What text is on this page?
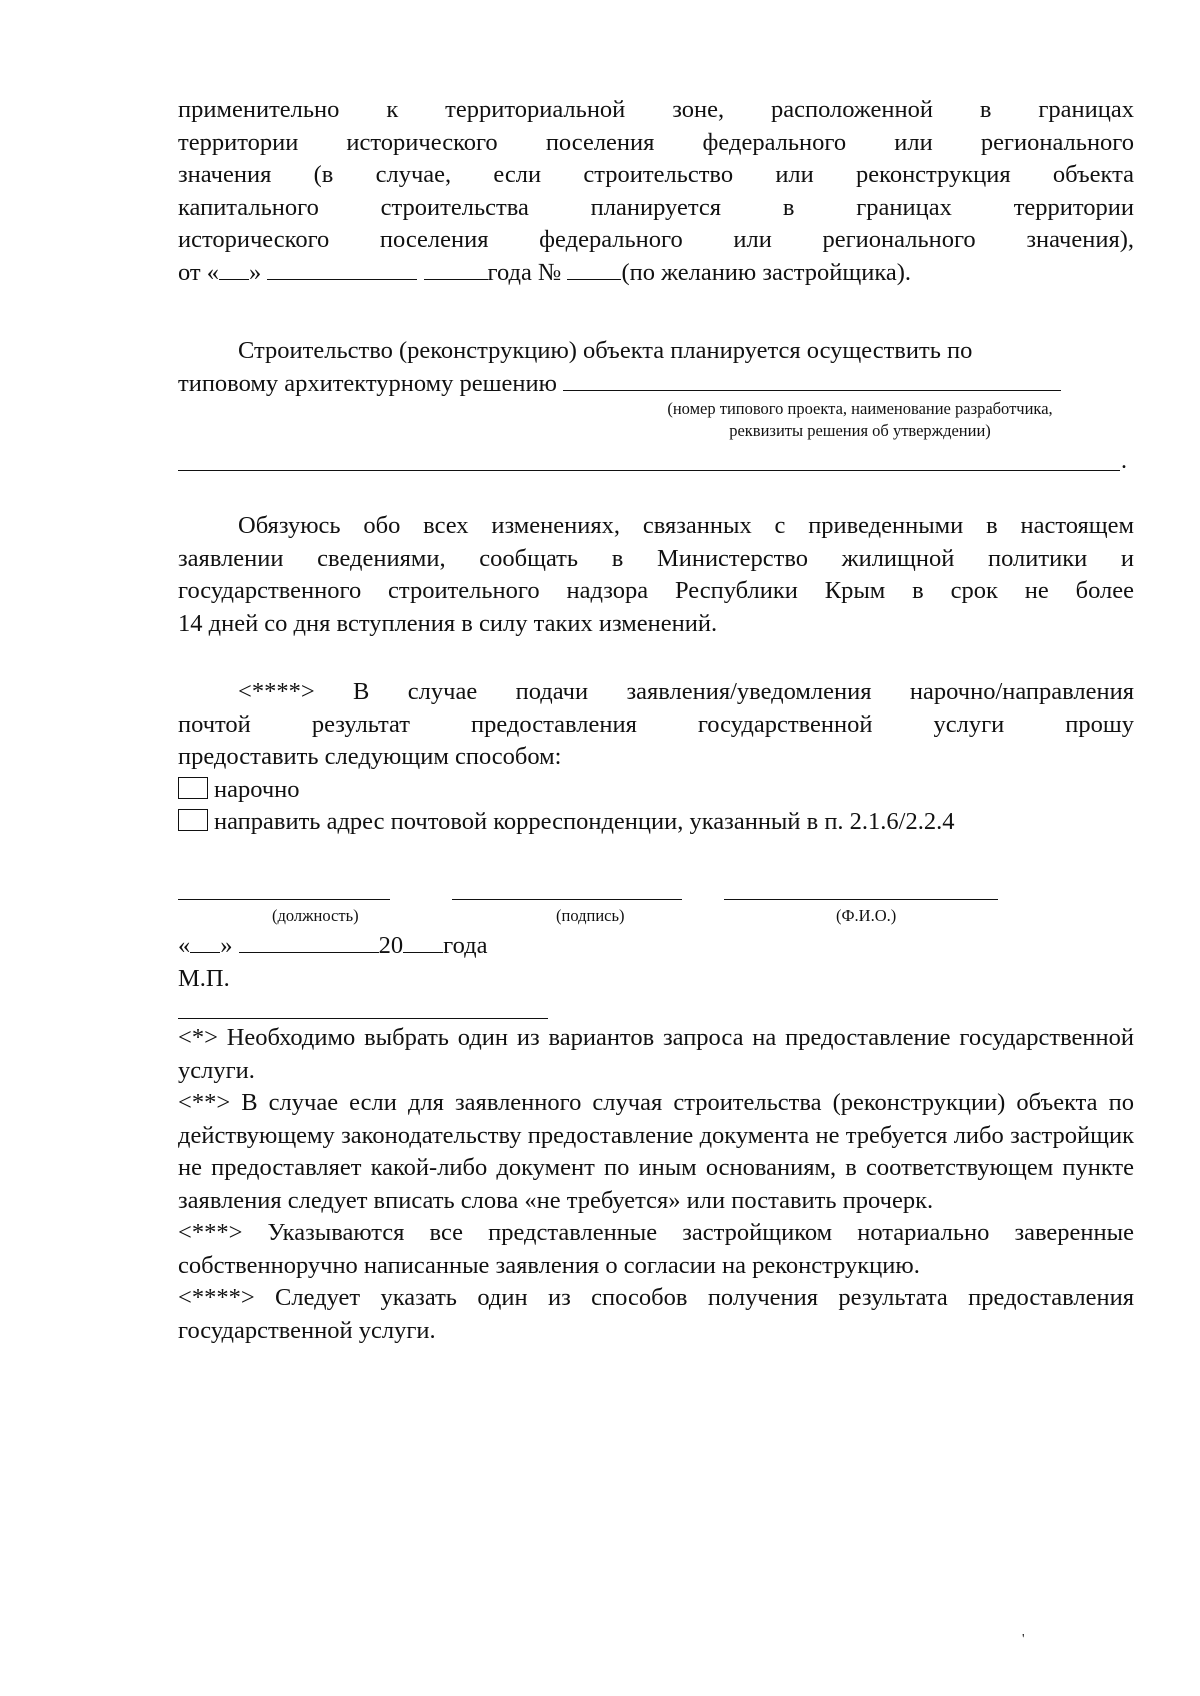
применительно к территориальной зоне, расположенной в границах
территории исторического поселения федерального или регионального
значения (в случае, если строительство или реконструкция объекта
капитального строительства планируется в границах территории
исторического поселения федерального или регионального значения),
от « »	года № (по желанию застройщика).
Строительство (реконструкцию) объекта планируется осуществить по
типовому архитектурному решению
(номер типового проекта, наименование разработчика,
реквизиты решения об утверждении)
.
Обязуюсь обо всех изменениях, связанных с приведенными в настоящем
заявлении сведениями, сообщать в Министерство жилищной политики и
государственного строительного надзора Республики Крым в срок не более
14 дней со дня вступления в силу таких изменений.
<****> В случае подачи заявления/уведомления нарочно/направления
почтой результат предоставления государственной услуги прошу
предоставить следующим способом:
нарочно
направить адрес почтовой корреспонденции, указанный в п. 2.1.6/2.2.4
(должность)	(подпись)	(Ф.И.О.)
« »	20 года
М.П.
<*> Необходимо выбрать один из вариантов запроса на предоставление государственной услуги.
<**> В случае если для заявленного случая строительства (реконструкции) объекта по действующему законодательству предоставление документа не требуется либо застройщик не предоставляет какой-либо документ по иным основаниям, в соответствующем пункте заявления следует вписать слова «не требуется» или поставить прочерк.
<***> Указываются все представленные застройщиком нотариально заверенные собственноручно написанные заявления о согласии на реконструкцию.
<****> Следует указать один из способов получения результата предоставления государственной услуги.
'
